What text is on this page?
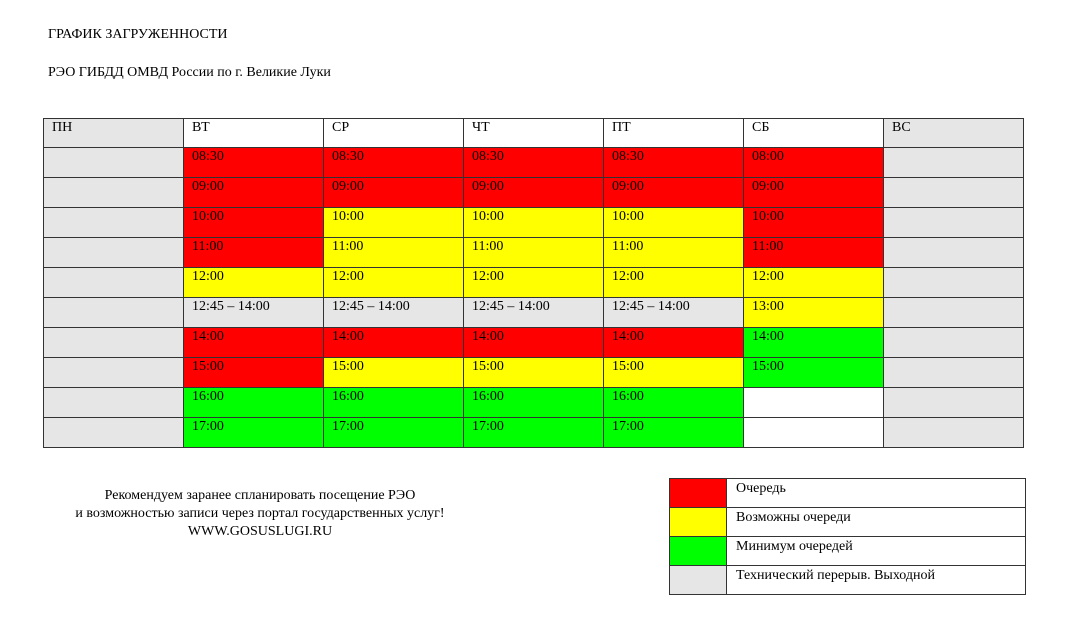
ГРАФИК ЗАГРУЖЕННОСТИ
РЭО ГИБДД ОМВД России по г. Великие Луки
ПН	ВТ	СР	ЧТ	ПТ	СБ	ВС
	08:30	08:30	08:30	08:30	08:00	
	09:00	09:00	09:00	09:00	09:00	
	10:00	10:00	10:00	10:00	10:00	
	11:00	11:00	11:00	11:00	11:00	
	12:00	12:00	12:00	12:00	12:00	
	12:45 – 14:00	12:45 – 14:00	12:45 – 14:00	12:45 – 14:00	13:00	
	14:00	14:00	14:00	14:00	14:00	
	15:00	15:00	15:00	15:00	15:00	
	16:00	16:00	16:00	16:00		
	17:00	17:00	17:00	17:00		
Рекомендуем заранее спланировать посещение РЭО
и возможностью записи через портал государственных услуг!
WWW.GOSUSLUGI.RU
	Очередь
	Возможны очереди
	Минимум очередей
	Технический перерыв. Выходной
